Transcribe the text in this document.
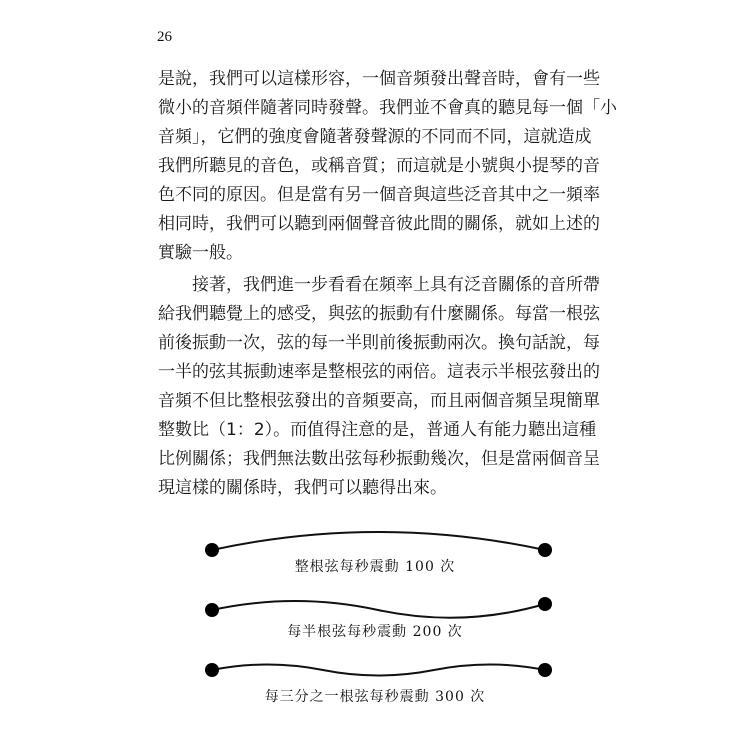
26

是說，我們可以這樣形容，一個音頻發出聲音時，會有一些
微小的音頻伴隨著同時發聲。我們並不會真的聽見每一個「小
音頻」，它們的強度會隨著發聲源的不同而不同，這就造成
我們所聽見的音色，或稱音質；而這就是小號與小提琴的音
色不同的原因。但是當有另一個音與這些泛音其中之一頻率
相同時，我們可以聽到兩個聲音彼此間的關係，就如上述的
實驗一般。

　　接著，我們進一步看看在頻率上具有泛音關係的音所帶
給我們聽覺上的感受，與弦的振動有什麼關係。每當一根弦
前後振動一次，弦的每一半則前後振動兩次。換句話說，每
一半的弦其振動速率是整根弦的兩倍。這表示半根弦發出的
音頻不但比整根弦發出的音頻要高，而且兩個音頻呈現簡單
整數比（1：2）。而值得注意的是，普通人有能力聽出這種
比例關係；我們無法數出弦每秒振動幾次，但是當兩個音呈
現這樣的關係時，我們可以聽得出來。

整根弦每秒震動 100 次
每半根弦每秒震動 200 次
每三分之一根弦每秒震動 300 次
